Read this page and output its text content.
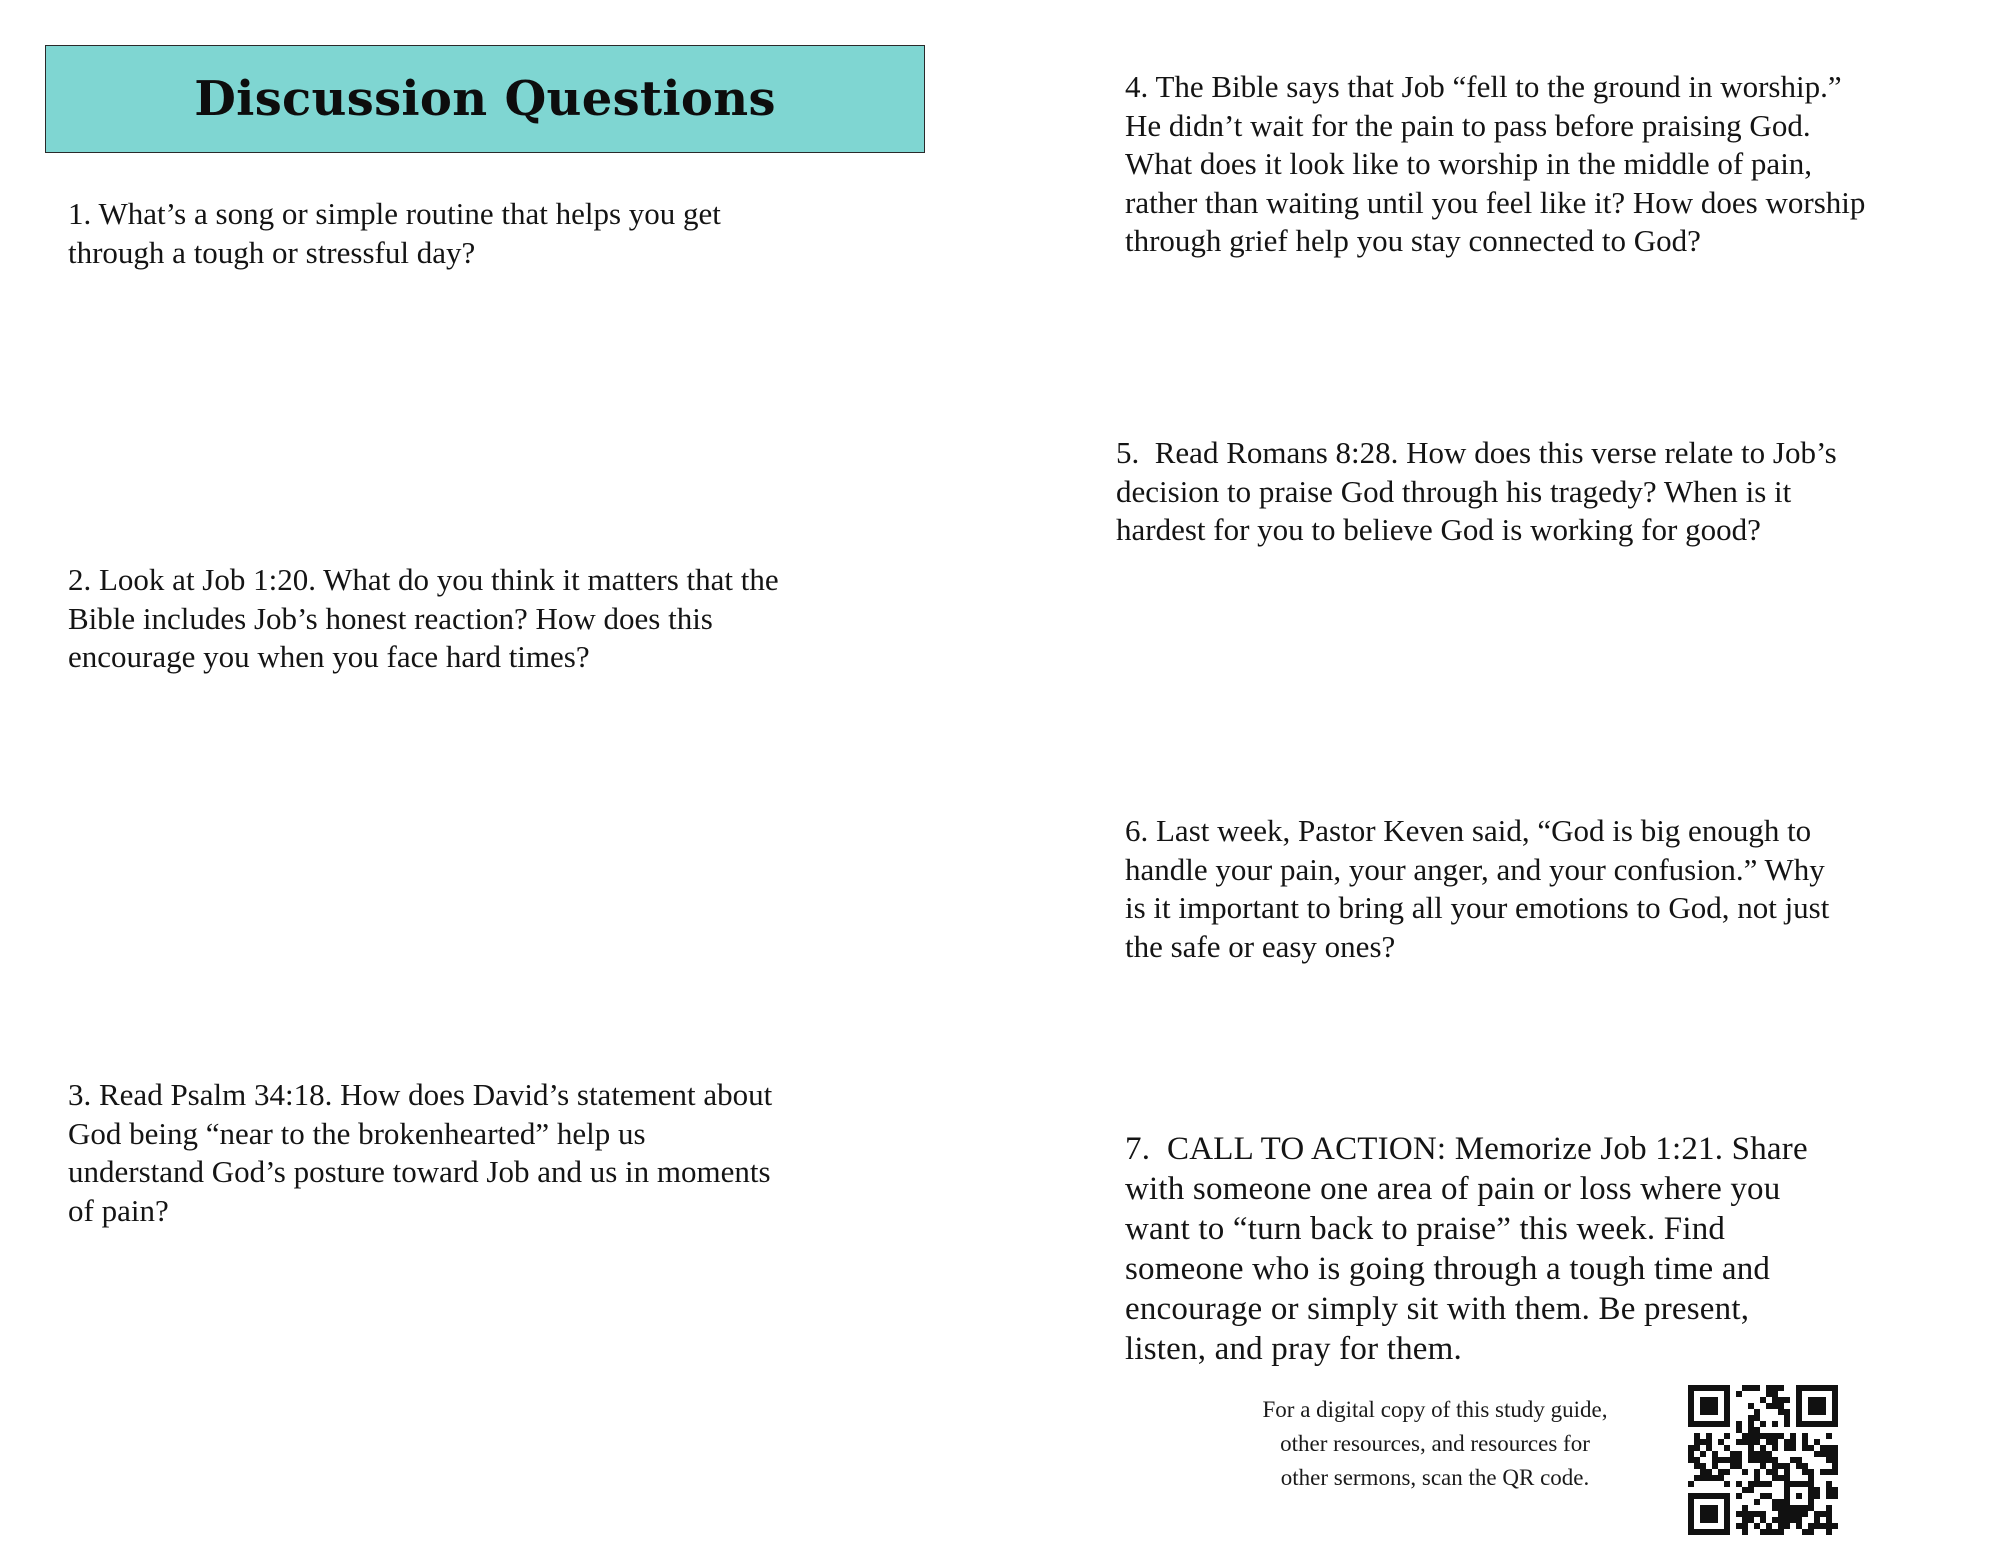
Discussion Questions

1. What’s a song or simple routine that helps you get
through a tough or stressful day?

2. Look at Job 1:20. What do you think it matters that the
Bible includes Job’s honest reaction? How does this
encourage you when you face hard times?

3. Read Psalm 34:18. How does David’s statement about
God being “near to the brokenhearted” help us
understand God’s posture toward Job and us in moments
of pain?

4. The Bible says that Job “fell to the ground in worship.”
He didn’t wait for the pain to pass before praising God.
What does it look like to worship in the middle of pain,
rather than waiting until you feel like it? How does worship
through grief help you stay connected to God?

5.  Read Romans 8:28. How does this verse relate to Job’s
decision to praise God through his tragedy? When is it
hardest for you to believe God is working for good?

6. Last week, Pastor Keven said, “God is big enough to
handle your pain, your anger, and your confusion.” Why
is it important to bring all your emotions to God, not just
the safe or easy ones?

7.  CALL TO ACTION: Memorize Job 1:21. Share
with someone one area of pain or loss where you
want to “turn back to praise” this week. Find
someone who is going through a tough time and
encourage or simply sit with them. Be present,
listen, and pray for them.

For a digital copy of this study guide,
other resources, and resources for
other sermons, scan the QR code.
